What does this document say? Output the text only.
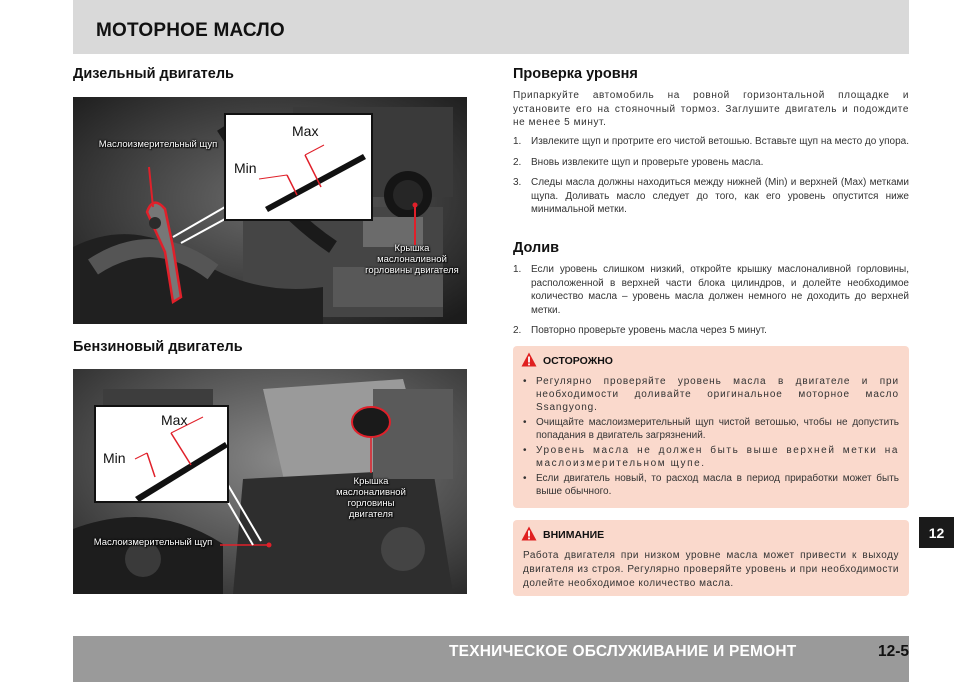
МОТОРНОЕ МАСЛО
Дизельный двигатель
Маслоизмерительный щуп
Крышка маслоналивной горловины двигателя
Max
Min
Бензиновый двигатель
Max
Min
Крышка маслоналивной горловины двигателя
Маслоизмерительный щуп
Проверка уровня
Припаркуйте автомобиль на ровной горизонтальной площадке и установите его на стояночный тормоз. Заглушите двигатель и подождите не менее 5 минут.
1. Извлеките щуп и протрите его чистой ветошью. Вставьте щуп на место до упора.
2. Вновь извлеките щуп и проверьте уровень масла.
3. Следы масла должны находиться между нижней (Min) и верхней (Max) метками щупа. Доливать масло следует до того, как его уровень опустится ниже минимальной метки.
Долив
1. Если уровень слишком низкий, откройте крышку маслоналивной горловины, расположенной в верхней части блока цилиндров, и долейте необходимое количество масла – уровень масла должен немного не доходить до верхней метки.
2. Повторно проверьте уровень масла через 5 минут.
ОСТОРОЖНО
• Регулярно проверяйте уровень масла в двигателе и при необходимости доливайте оригинальное моторное масло Ssangyong.
• Очищайте маслоизмерительный щуп чистой ветошью, чтобы не допустить попадания в двигатель загрязнений.
• Уровень масла не должен быть выше верхней метки на маслоизмерительном щупе.
• Если двигатель новый, то расход масла в период приработки может быть выше обычного.
ВНИМАНИЕ
Работа двигателя при низком уровне масла может привести к выходу двигателя из строя. Регулярно проверяйте уровень и при необходимости долейте необходимое количество масла.
12
ТЕХНИЧЕСКОЕ ОБСЛУЖИВАНИЕ И РЕМОНТ	12-5
